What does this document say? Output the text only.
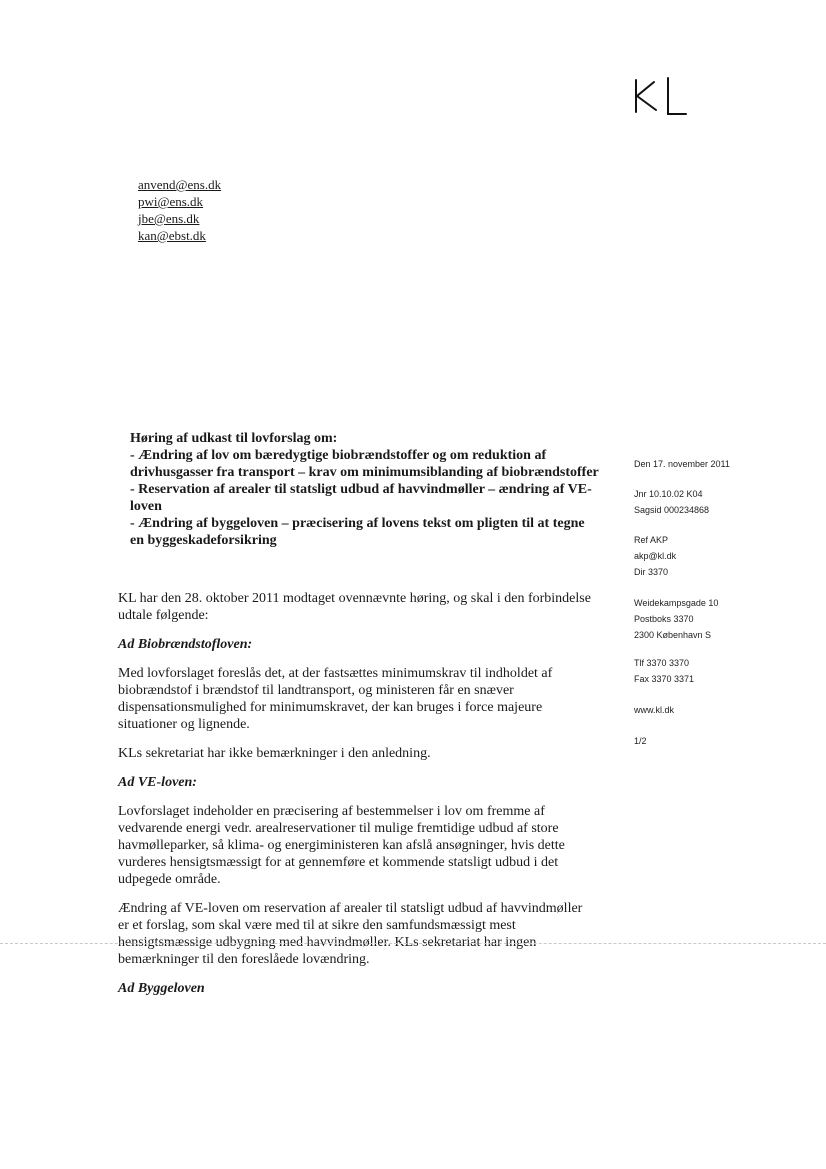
anvend@ens.dk
pwi@ens.dk
jbe@ens.dk
kan@ebst.dk
Høring af udkast til lovforslag om:
- Ændring af lov om bæredygtige biobrændstoffer og om reduktion af drivhusgasser fra transport – krav om minimumsiblanding af biobrændstoffer
- Reservation af arealer til statsligt udbud af havvindmøller – ændring af VE-loven
- Ændring af byggeloven – præcisering af lovens tekst om pligten til at tegne en byggeskadeforsikring

KL har den 28. oktober 2011 modtaget ovennævnte høring, og skal i den forbindelse udtale følgende:

Ad Biobrændstofloven:

Med lovforslaget foreslås det, at der fastsættes minimumskrav til indholdet af biobrændstof i brændstof til landtransport, og ministeren får en snæver dispensationsmulighed for minimumskravet, der kan bruges i force majeure situationer og lignende.

KLs sekretariat har ikke bemærkninger i den anledning.

Ad VE-loven:

Lovforslaget indeholder en præcisering af bestemmelser i lov om fremme af vedvarende energi vedr. arealreservationer til mulige fremtidige udbud af store havmølleparker, så klima- og energiministeren kan afslå ansøgninger, hvis dette vurderes hensigtsmæssigt for at gennemføre et kommende statsligt udbud i det udpegede område.

Ændring af VE-loven om reservation af arealer til statsligt udbud af havvindmøller er et forslag, som skal være med til at sikre den samfundsmæssigt mest hensigtsmæssige udbygning med havvindmøller. KLs sekretariat har ingen bemærkninger til den foreslåede lovændring.

Ad Byggeloven
Den 17. november 2011
Jnr 10.10.02 K04
Sagsid 000234868
Ref AKP
akp@kl.dk
Dir 3370
Weidekampsgade 10
Postboks 3370
2300 København S
Tlf 3370 3370
Fax 3370 3371
www.kl.dk
1/2
